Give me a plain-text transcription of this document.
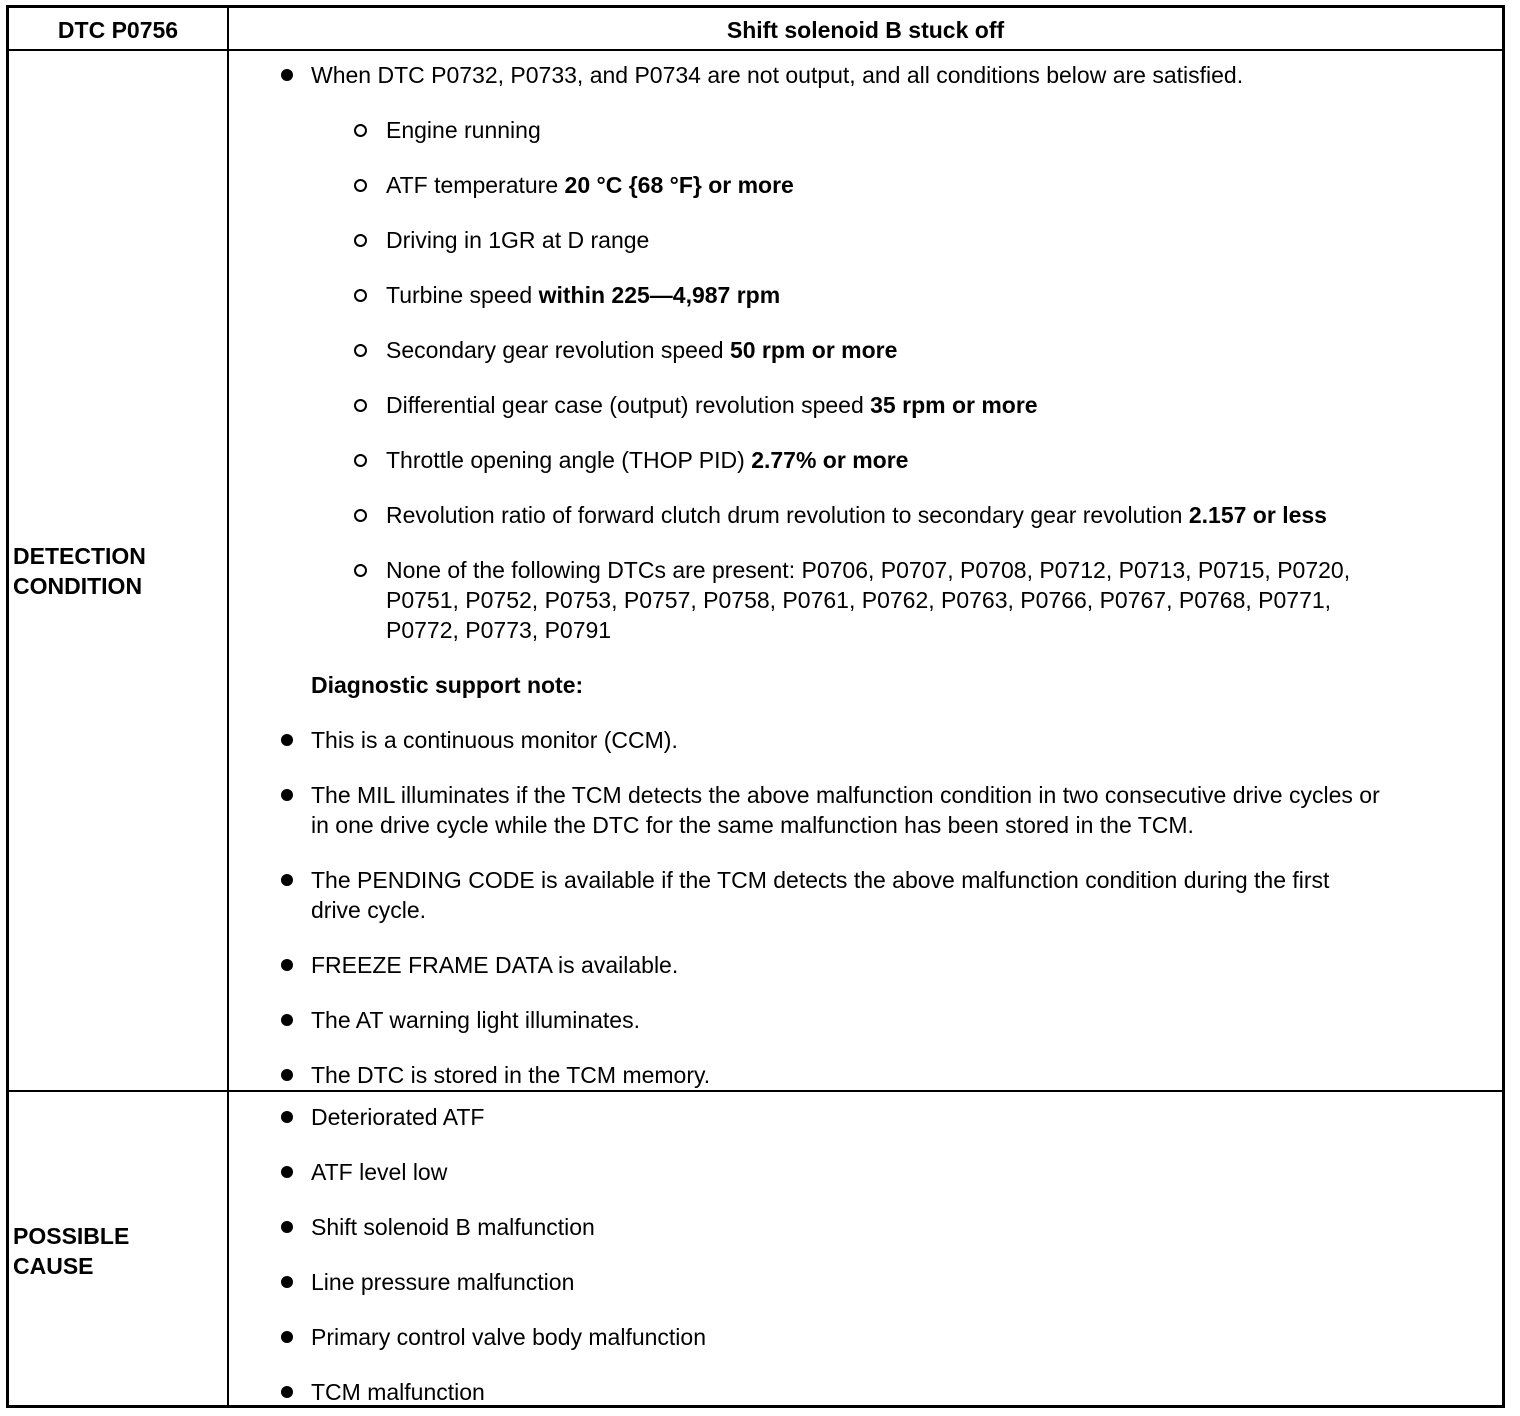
DTC P0756	Shift solenoid B stuck off
DETECTION
CONDITION
When DTC P0732, P0733, and P0734 are not output, and all conditions below are satisfied.
Engine running
ATF temperature 20 °C {68 °F} or more
Driving in 1GR at D range
Turbine speed within 225—4,987 rpm
Secondary gear revolution speed 50 rpm or more
Differential gear case (output) revolution speed 35 rpm or more
Throttle opening angle (THOP PID) 2.77% or more
Revolution ratio of forward clutch drum revolution to secondary gear revolution 2.157 or less
None of the following DTCs are present: P0706, P0707, P0708, P0712, P0713, P0715, P0720,
P0751, P0752, P0753, P0757, P0758, P0761, P0762, P0763, P0766, P0767, P0768, P0771,
P0772, P0773, P0791
Diagnostic support note:
This is a continuous monitor (CCM).
The MIL illuminates if the TCM detects the above malfunction condition in two consecutive drive cycles or
in one drive cycle while the DTC for the same malfunction has been stored in the TCM.
The PENDING CODE is available if the TCM detects the above malfunction condition during the first
drive cycle.
FREEZE FRAME DATA is available.
The AT warning light illuminates.
The DTC is stored in the TCM memory.
POSSIBLE
CAUSE
Deteriorated ATF
ATF level low
Shift solenoid B malfunction
Line pressure malfunction
Primary control valve body malfunction
TCM malfunction
